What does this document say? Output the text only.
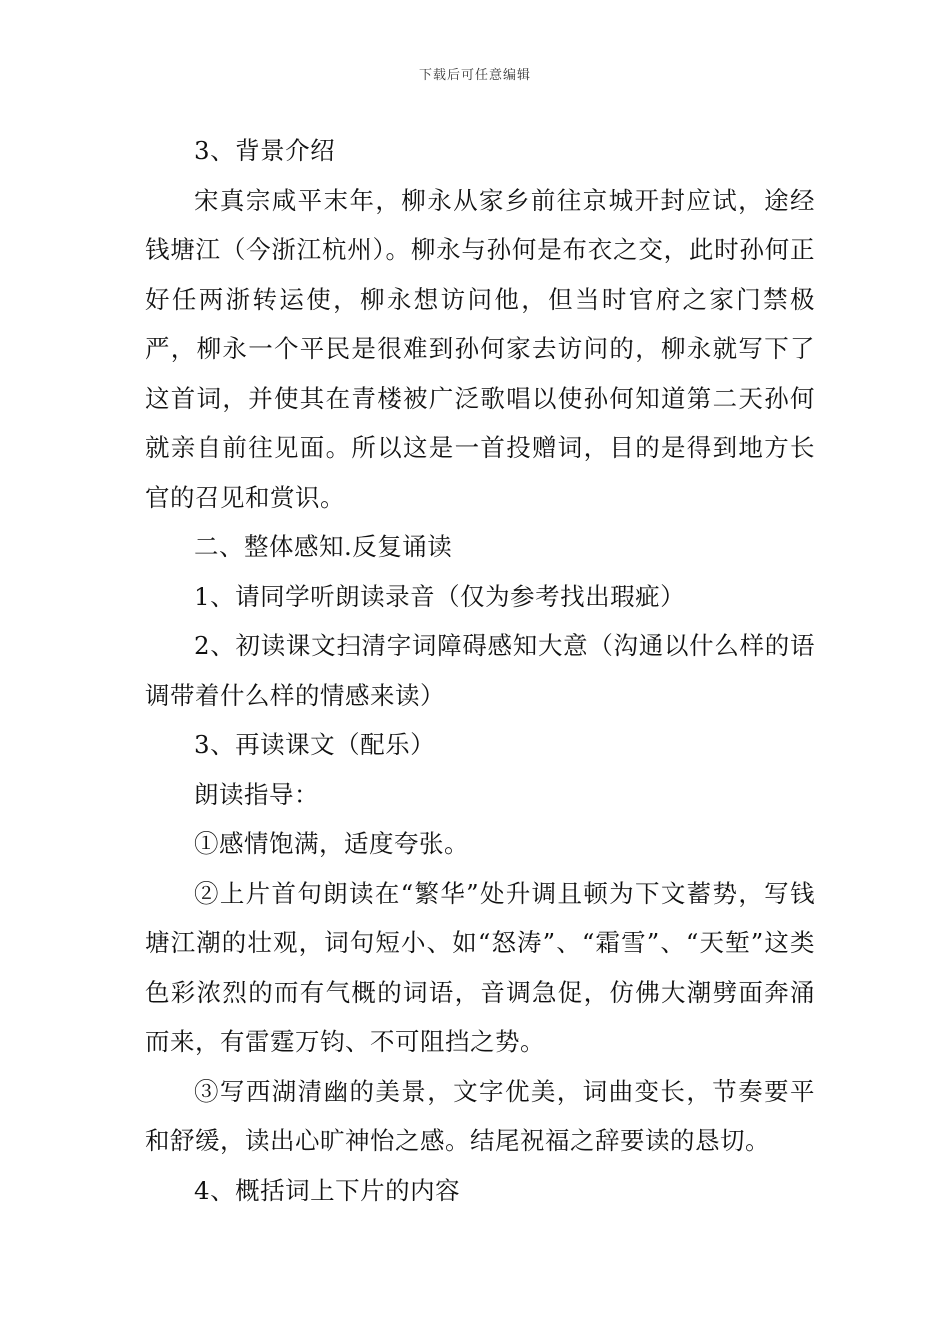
下载后可任意编辑

3、背景介绍

宋真宗咸平末年，柳永从家乡前往京城开封应试，途经钱塘江（今浙江杭州）。柳永与孙何是布衣之交，此时孙何正好任两浙转运使，柳永想访问他，但当时官府之家门禁极严，柳永一个平民是很难到孙何家去访问的，柳永就写下了这首词，并使其在青楼被广泛歌唱以使孙何知道第二天孙何就亲自前往见面。所以这是一首投赠词，目的是得到地方长官的召见和赏识。

二、整体感知.反复诵读

1、请同学听朗读录音（仅为参考找出瑕疵）

2、初读课文扫清字词障碍感知大意（沟通以什么样的语调带着什么样的情感来读）

3、再读课文（配乐）

朗读指导：

①感情饱满，适度夸张。

②上片首句朗读在“繁华”处升调且顿为下文蓄势，写钱塘江潮的壮观，词句短小、如“怒涛”、“霜雪”、“天堑”这类色彩浓烈的而有气概的词语，音调急促，仿佛大潮劈面奔涌而来，有雷霆万钧、不可阻挡之势。

③写西湖清幽的美景，文字优美，词曲变长，节奏要平和舒缓，读出心旷神怡之感。结尾祝福之辞要读的恳切。

4、概括词上下片的内容
